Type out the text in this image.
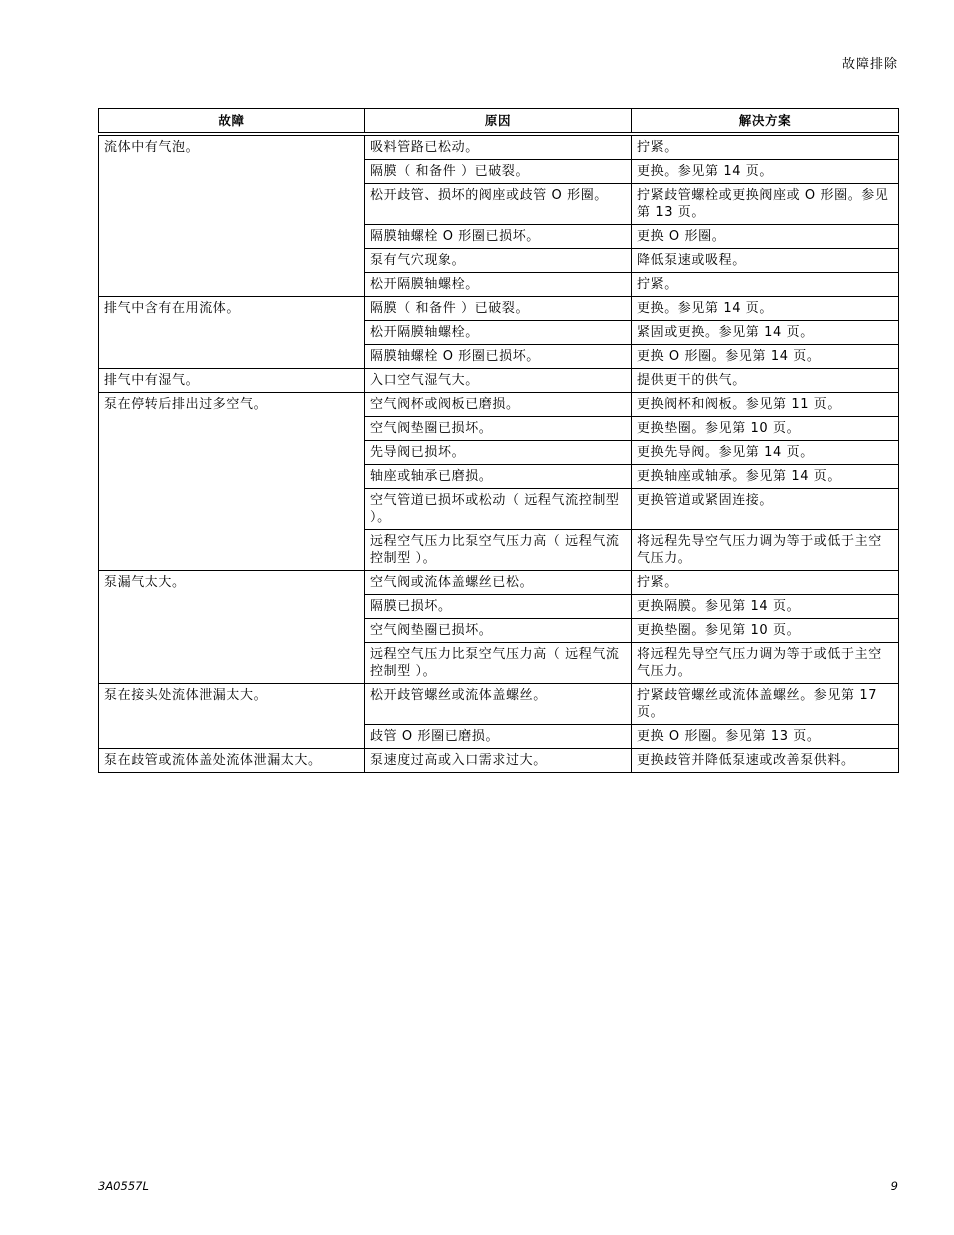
故障排除
故障	原因	解决方案
流体中有气泡。	吸料管路已松动。	拧紧。
	隔膜（ 和备件 ）已破裂。	更换。参见第 14 页。
	松开歧管、损坏的阀座或歧管 O 形圈。	拧紧歧管螺栓或更换阀座或 O 形圈。参见第 13 页。
	隔膜轴螺栓 O 形圈已损坏。	更换 O 形圈。
	泵有气穴现象。	降低泵速或吸程。
	松开隔膜轴螺栓。	拧紧。
排气中含有在用流体。	隔膜（ 和备件 ）已破裂。	更换。参见第 14 页。
	松开隔膜轴螺栓。	紧固或更换。参见第 14 页。
	隔膜轴螺栓 O 形圈已损坏。	更换 O 形圈。参见第 14 页。
排气中有湿气。	入口空气湿气大。	提供更干的供气。
泵在停转后排出过多空气。	空气阀杯或阀板已磨损。	更换阀杯和阀板。参见第 11 页。
	空气阀垫圈已损坏。	更换垫圈。参见第 10 页。
	先导阀已损坏。	更换先导阀。参见第 14 页。
	轴座或轴承已磨损。	更换轴座或轴承。参见第 14 页。
	空气管道已损坏或松动（ 远程气流控制型 ）。	更换管道或紧固连接。
	远程空气压力比泵空气压力高（ 远程气流控制型 ）。	将远程先导空气压力调为等于或低于主空气压力。
泵漏气太大。	空气阀或流体盖螺丝已松。	拧紧。
	隔膜已损坏。	更换隔膜。参见第 14 页。
	空气阀垫圈已损坏。	更换垫圈。参见第 10 页。
	远程空气压力比泵空气压力高（ 远程气流控制型 ）。	将远程先导空气压力调为等于或低于主空气压力。
泵在接头处流体泄漏太大。	松开歧管螺丝或流体盖螺丝。	拧紧歧管螺丝或流体盖螺丝。参见第 17 页。
	歧管 O 形圈已磨损。	更换 O 形圈。参见第 13 页。
泵在歧管或流体盖处流体泄漏太大。	泵速度过高或入口需求过大。	更换歧管并降低泵速或改善泵供料。
3A0557L	9
